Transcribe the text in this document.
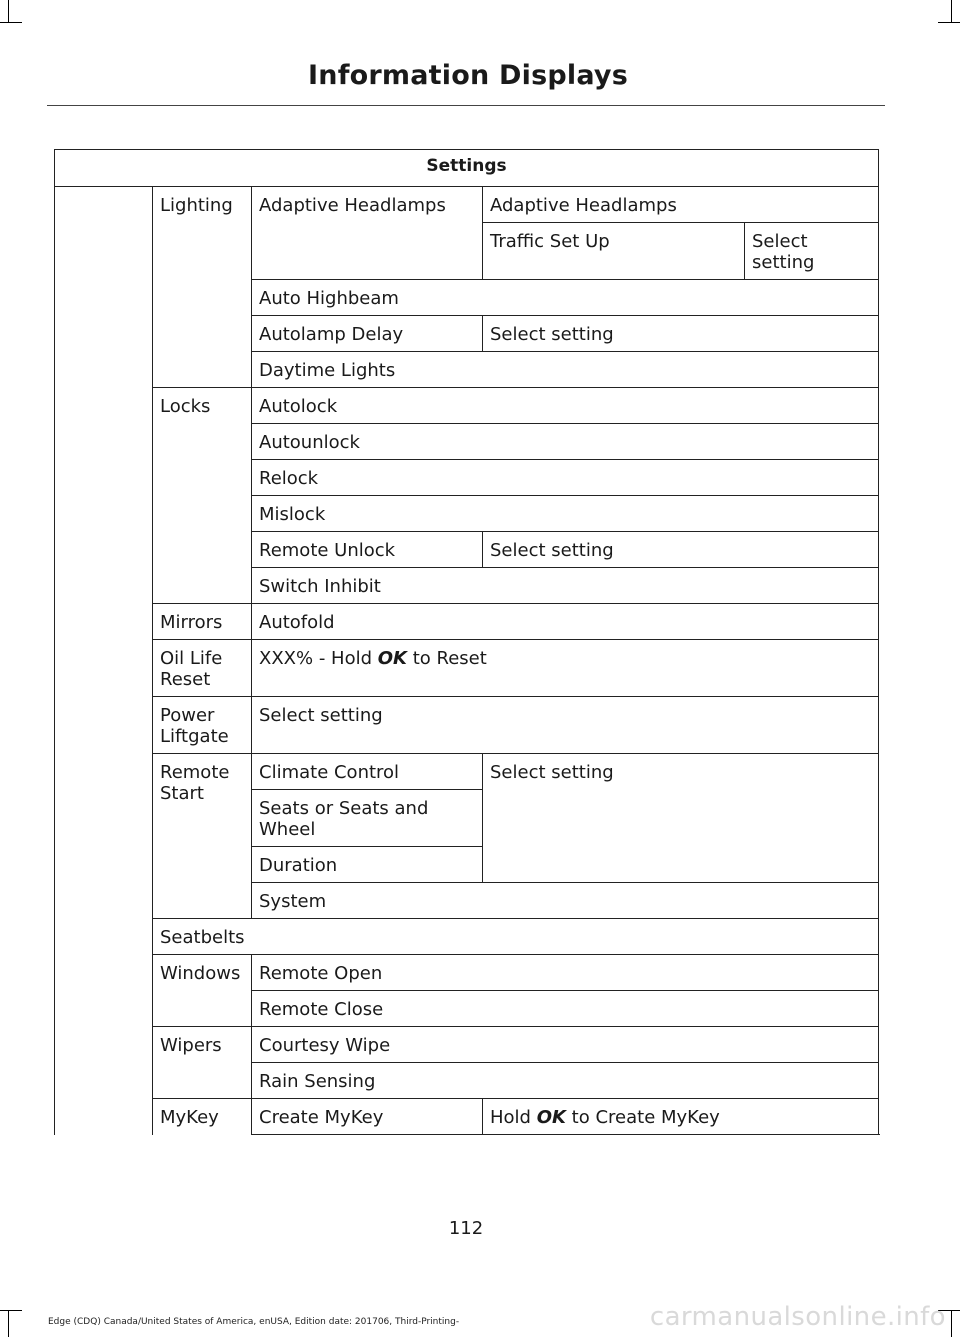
Information Displays
Settings				
	Lighting	Adaptive Headlamps	Adaptive Headlamps	
			Traffic Set Up	Select setting
		Auto Highbeam		
		Autolamp Delay	Select setting	
		Daytime Lights		
	Locks	Autolock		
		Autounlock		
		Relock		
		Mislock		
		Remote Unlock	Select setting	
		Switch Inhibit		
	Mirrors	Autofold		
	Oil Life Reset	XXX% - Hold OK to Reset		
	Power Liftgate	Select setting		
	Remote Start	Climate Control	Select setting	
		Seats or Seats and Wheel		
		Duration		
		System		
	Seatbelts			
	Windows	Remote Open		
		Remote Close		
	Wipers	Courtesy Wipe		
		Rain Sensing		
	MyKey	Create MyKey	Hold OK to Create MyKey	
112
Edge (CDQ) Canada/United States of America, enUSA, Edition date: 201706, Third-Printing-	carmanualsonline.info
